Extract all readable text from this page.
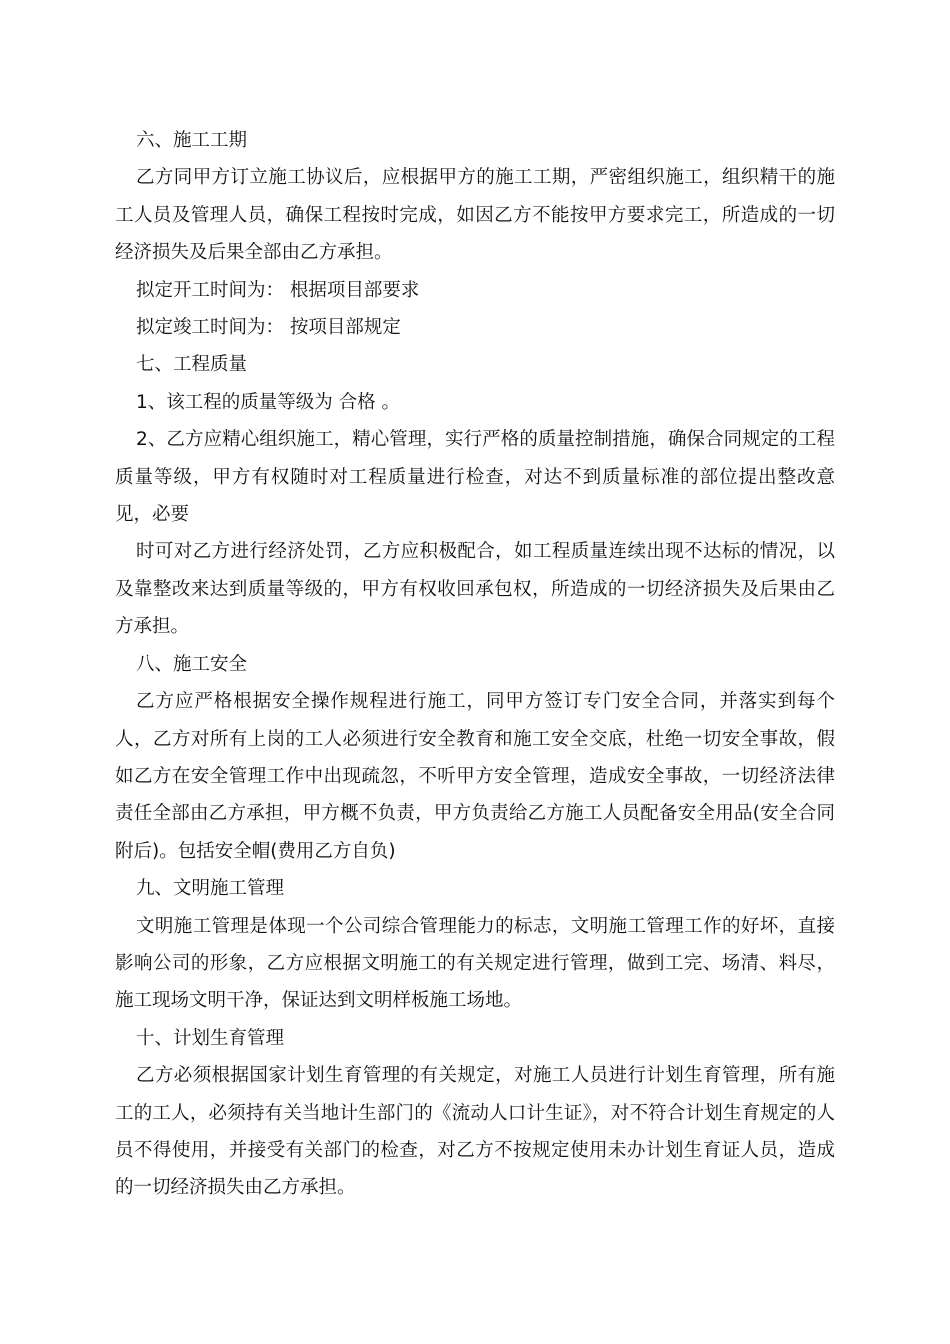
六、施工工期

乙方同甲方订立施工协议后，应根据甲方的施工工期，严密组织施工，组织精干的施工人员及管理人员，确保工程按时完成，如因乙方不能按甲方要求完工，所造成的一切经济损失及后果全部由乙方承担。

拟定开工时间为： 根据项目部要求

拟定竣工时间为： 按项目部规定

七、工程质量

1、该工程的质量等级为 合格 。

2、乙方应精心组织施工，精心管理，实行严格的质量控制措施，确保合同规定的工程质量等级，甲方有权随时对工程质量进行检查，对达不到质量标准的部位提出整改意见，必要

时可对乙方进行经济处罚，乙方应积极配合，如工程质量连续出现不达标的情况，以及靠整改来达到质量等级的，甲方有权收回承包权，所造成的一切经济损失及后果由乙方承担。

八、施工安全

乙方应严格根据安全操作规程进行施工，同甲方签订专门安全合同，并落实到每个人，乙方对所有上岗的工人必须进行安全教育和施工安全交底，杜绝一切安全事故，假如乙方在安全管理工作中出现疏忽，不听甲方安全管理，造成安全事故，一切经济法律责任全部由乙方承担，甲方概不负责，甲方负责给乙方施工人员配备安全用品(安全合同附后)。包括安全帽(费用乙方自负)

九、文明施工管理

文明施工管理是体现一个公司综合管理能力的标志，文明施工管理工作的好坏，直接影响公司的形象，乙方应根据文明施工的有关规定进行管理，做到工完、场清、料尽，施工现场文明干净，保证达到文明样板施工场地。

十、计划生育管理

乙方必须根据国家计划生育管理的有关规定，对施工人员进行计划生育管理，所有施工的工人，必须持有关当地计生部门的《流动人口计生证》，对不符合计划生育规定的人员不得使用，并接受有关部门的检查，对乙方不按规定使用未办计划生育证人员，造成的一切经济损失由乙方承担。
